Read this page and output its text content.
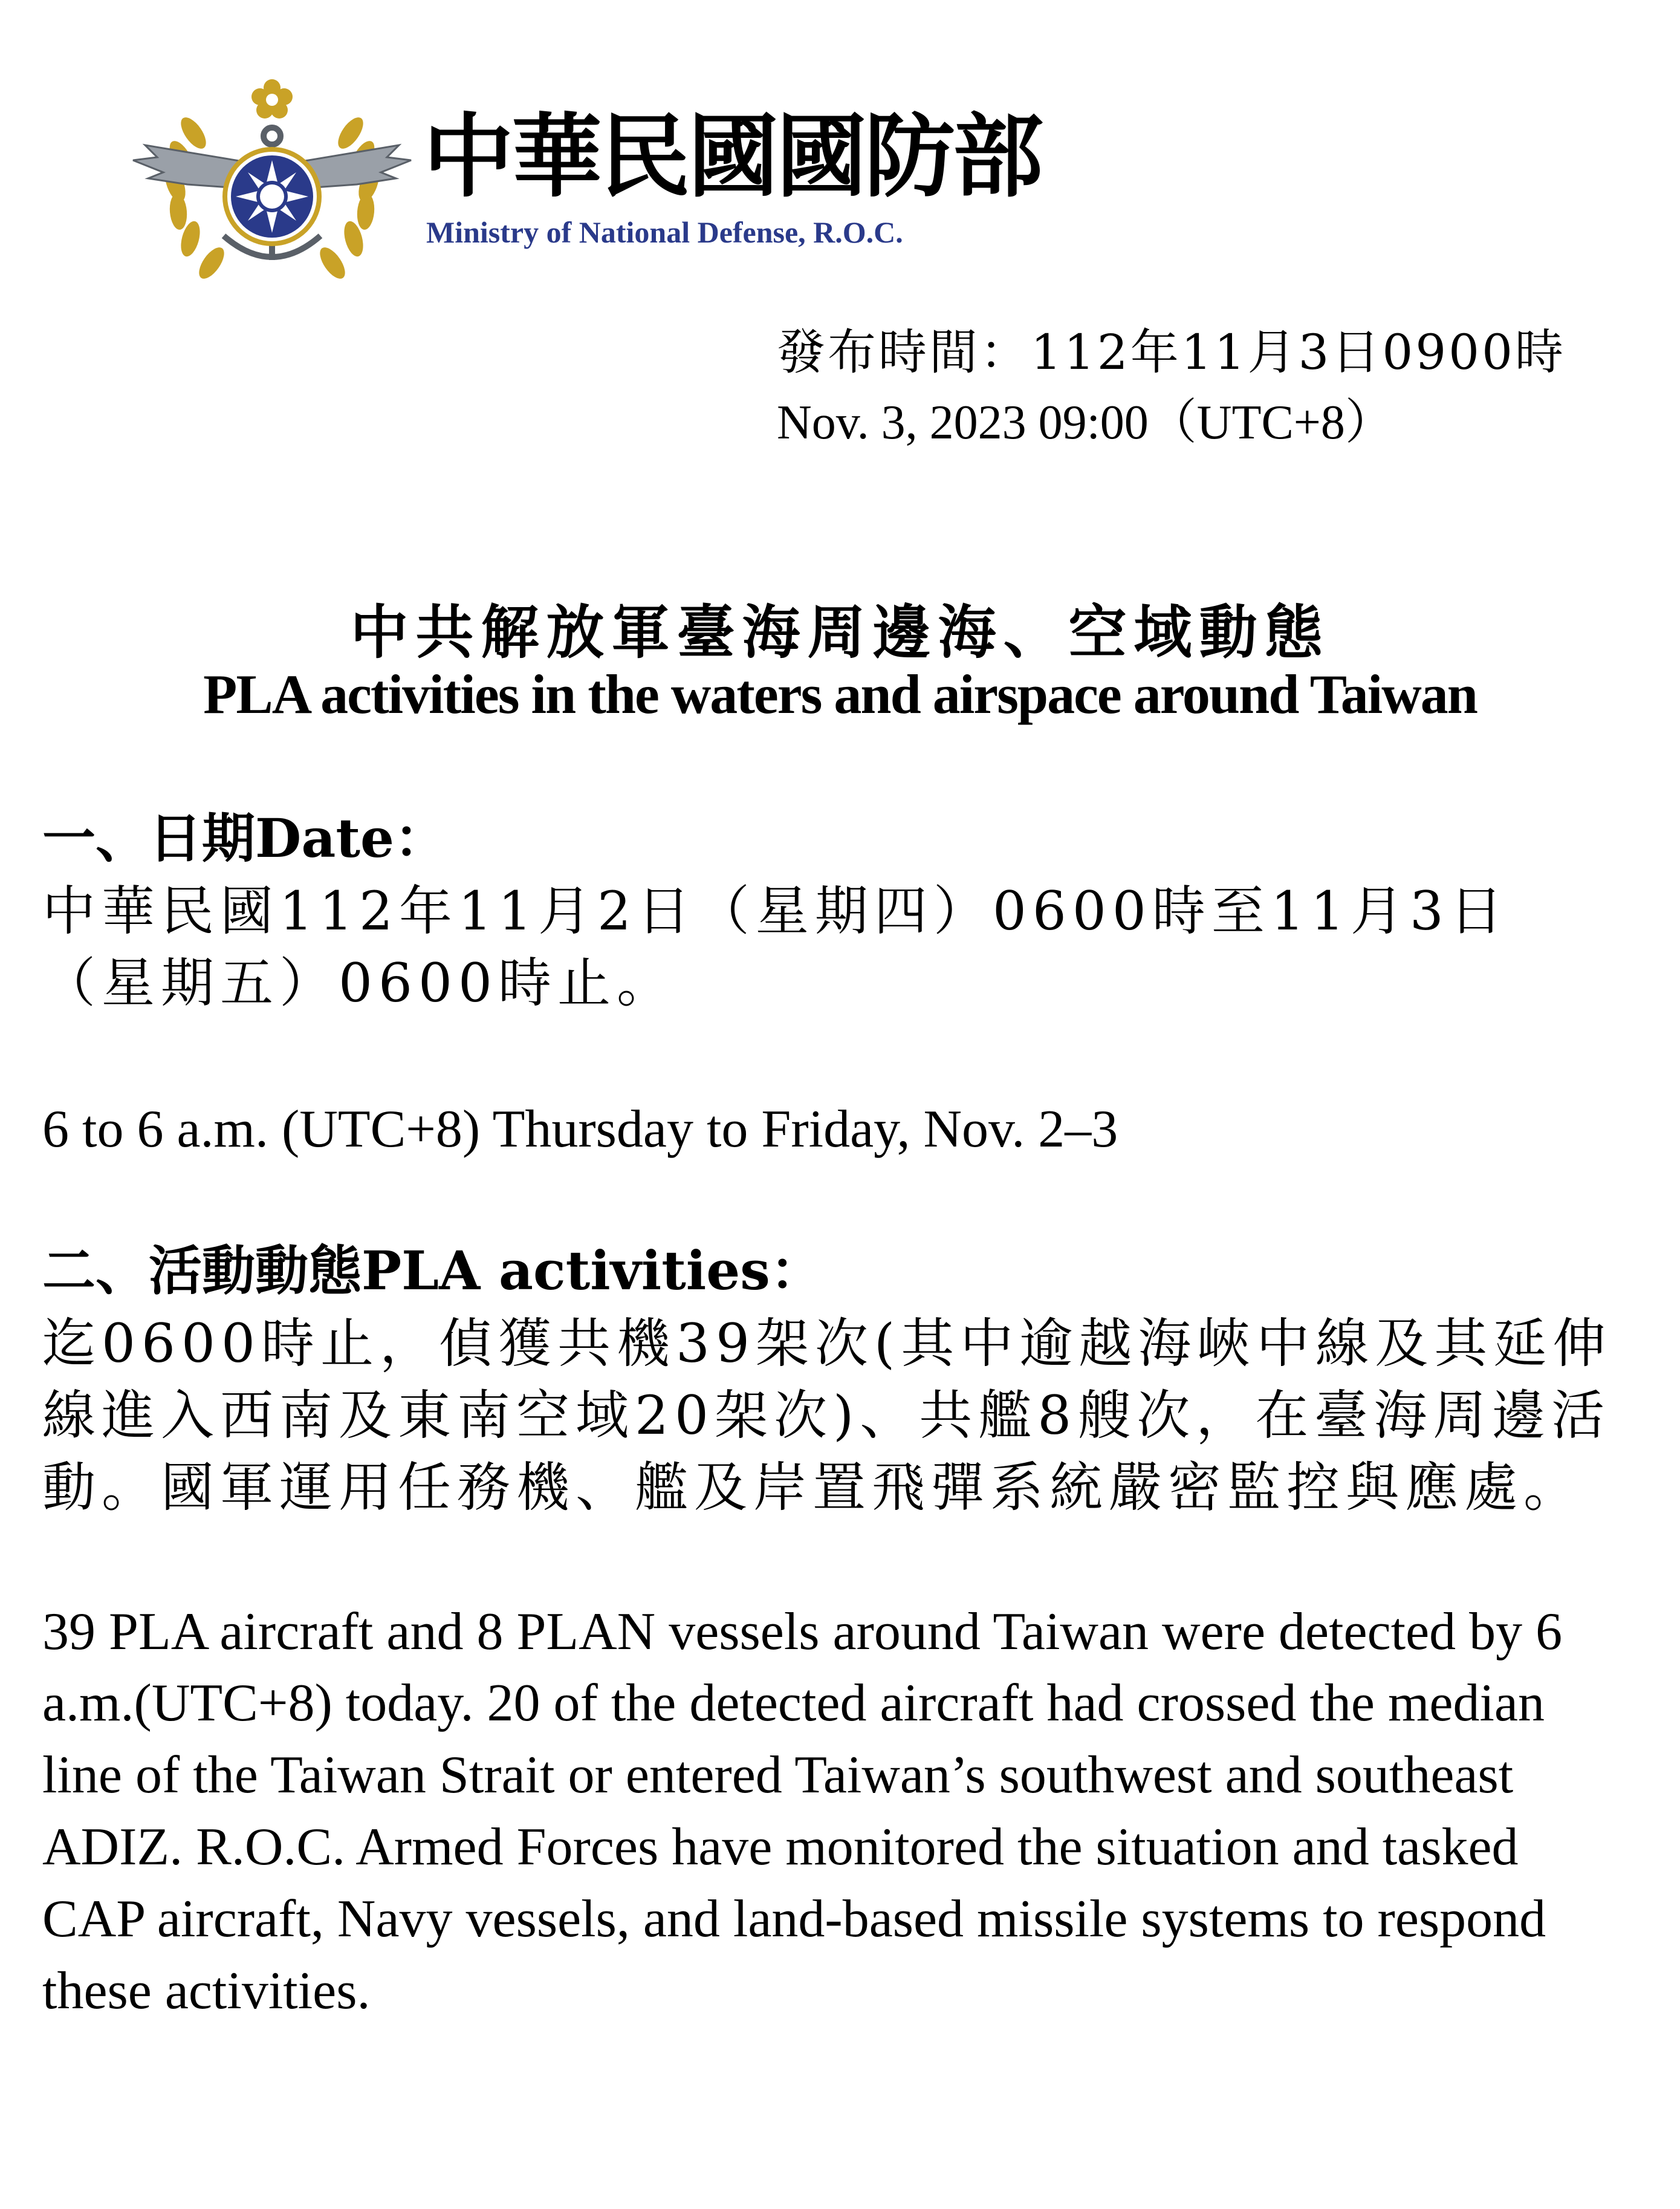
中華民國國防部
Ministry of National Defense, R.O.C.
發布時間：112年11月3日0900時
Nov. 3, 2023 09:00（UTC+8）
中共解放軍臺海周邊海、空域動態
PLA activities in the waters and airspace around Taiwan
一、日期Date：
中華民國112年11月2日（星期四）0600時至11月3日（星期五）0600時止。
6 to 6 a.m. (UTC+8) Thursday to Friday, Nov. 2–3
二、活動動態PLA activities：
迄0600時止，偵獲共機39架次(其中逾越海峽中線及其延伸線進入西南及東南空域20架次)、共艦8艘次，在臺海周邊活動。國軍運用任務機、艦及岸置飛彈系統嚴密監控與應處。
39 PLA aircraft and 8 PLAN vessels around Taiwan were detected by 6 a.m.(UTC+8) today. 20 of the detected aircraft had crossed the median line of the Taiwan Strait or entered Taiwan’s southwest and southeast ADIZ. R.O.C. Armed Forces have monitored the situation and tasked CAP aircraft, Navy vessels, and land-based missile systems to respond these activities.
